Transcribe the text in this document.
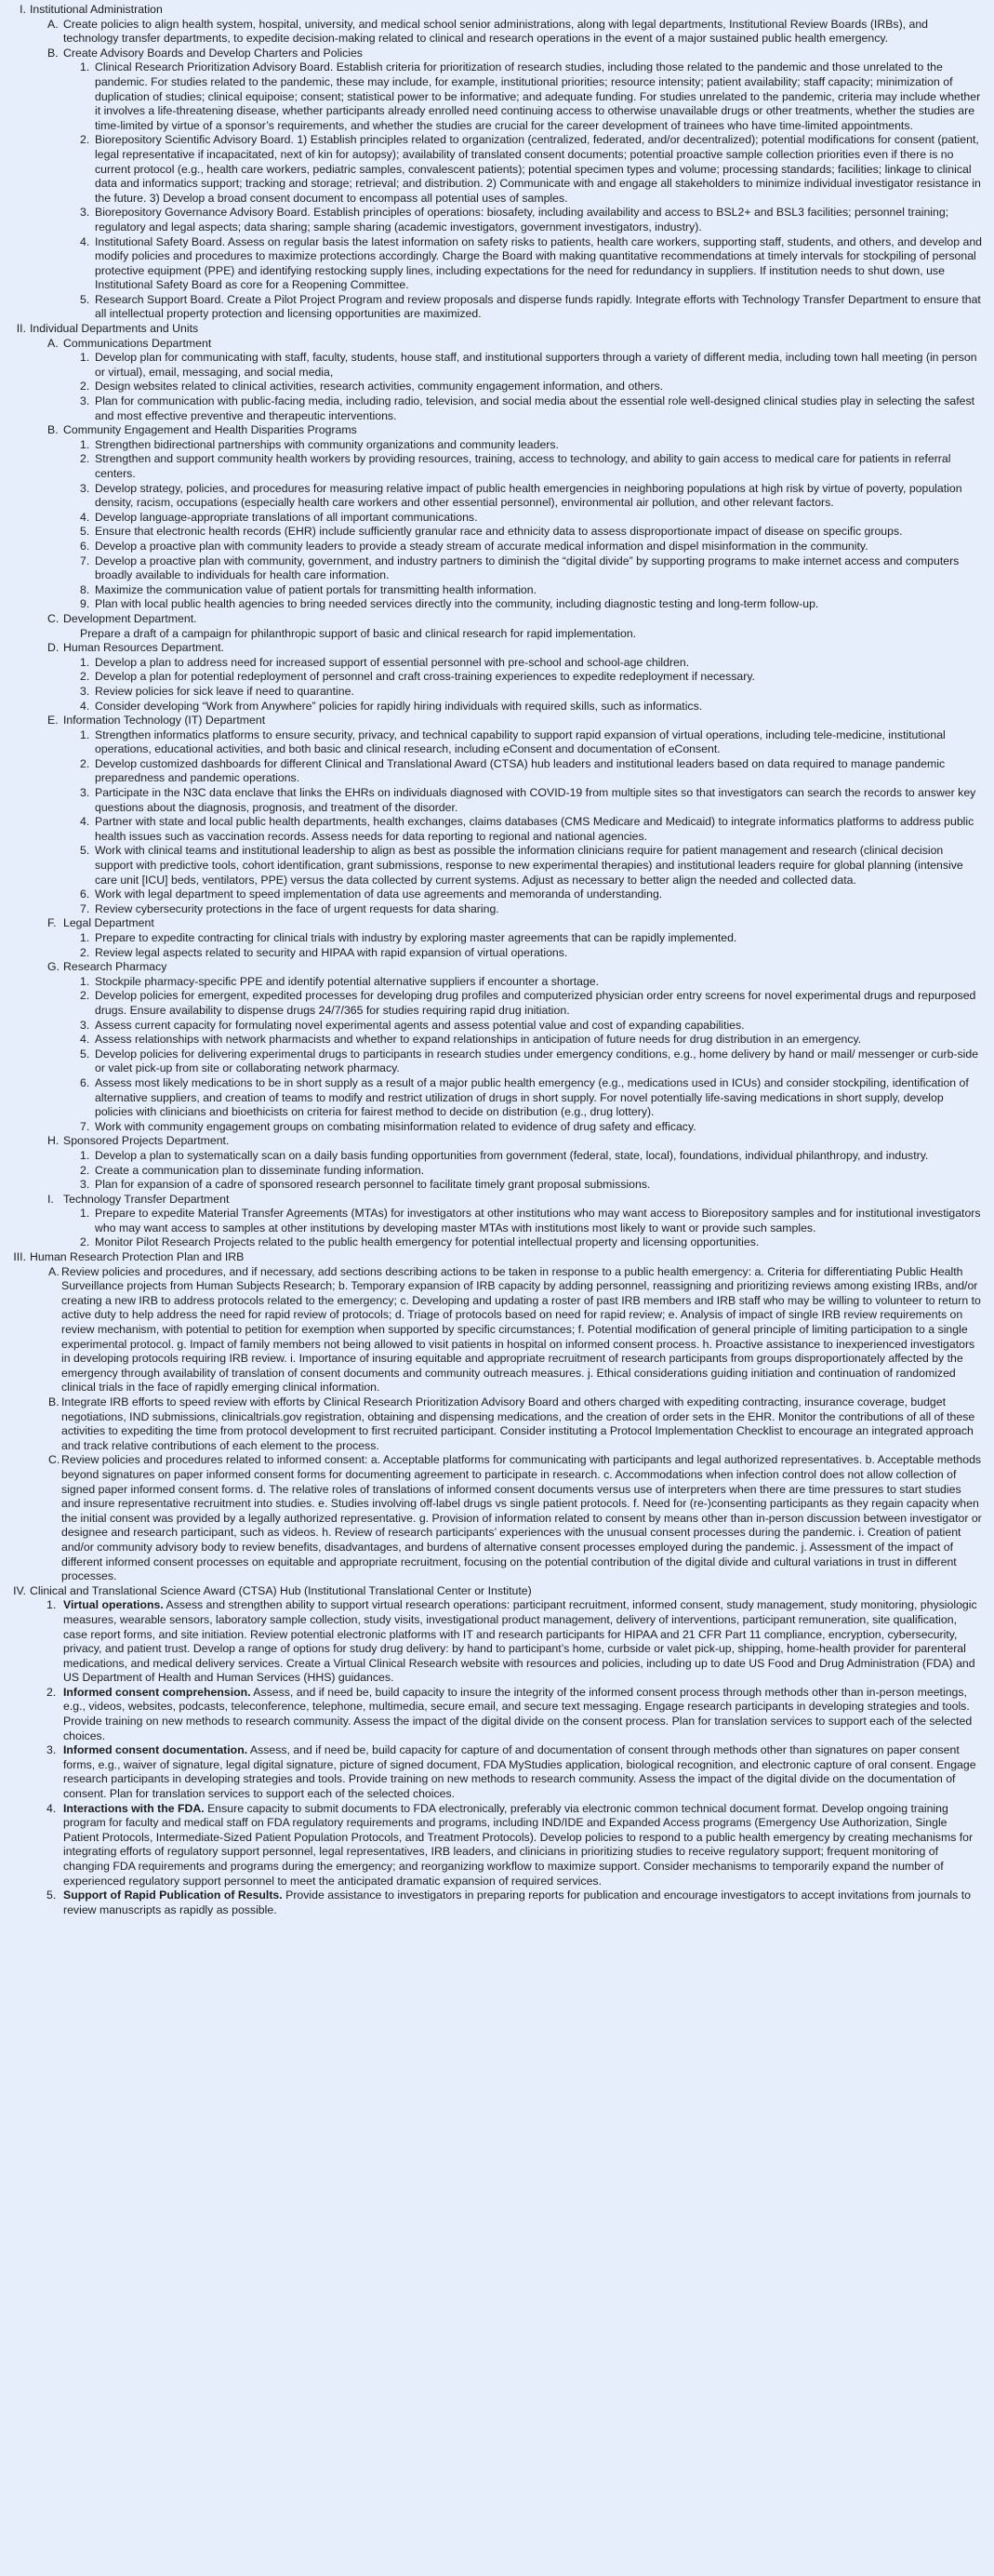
I. Institutional Administration
A. Create policies to align health system, hospital, university, and medical school senior administrations, along with legal departments, Institutional Review Boards (IRBs), and technology transfer departments, to expedite decision-making related to clinical and research operations in the event of a major sustained public health emergency.
B. Create Advisory Boards and Develop Charters and Policies
1. Clinical Research Prioritization Advisory Board. Establish criteria for prioritization of research studies, including those related to the pandemic and those unrelated to the pandemic. For studies related to the pandemic, these may include, for example, institutional priorities; resource intensity; patient availability; staff capacity; minimization of duplication of studies; clinical equipoise; consent; statistical power to be informative; and adequate funding. For studies unrelated to the pandemic, criteria may include whether it involves a life-threatening disease, whether participants already enrolled need continuing access to otherwise unavailable drugs or other treatments, whether the studies are time-limited by virtue of a sponsor’s requirements, and whether the studies are crucial for the career development of trainees who have time-limited appointments.
2. Biorepository Scientific Advisory Board. 1) Establish principles related to organization (centralized, federated, and/or decentralized); potential modifications for consent (patient, legal representative if incapacitated, next of kin for autopsy); availability of translated consent documents; potential proactive sample collection priorities even if there is no current protocol (e.g., health care workers, pediatric samples, convalescent patients); potential specimen types and volume; processing standards; facilities; linkage to clinical data and informatics support; tracking and storage; retrieval; and distribution. 2) Communicate with and engage all stakeholders to minimize individual investigator resistance in the future. 3) Develop a broad consent document to encompass all potential uses of samples.
3. Biorepository Governance Advisory Board. Establish principles of operations: biosafety, including availability and access to BSL2+ and BSL3 facilities; personnel training; regulatory and legal aspects; data sharing; sample sharing (academic investigators, government investigators, industry).
4. Institutional Safety Board. Assess on regular basis the latest information on safety risks to patients, health care workers, supporting staff, students, and others, and develop and modify policies and procedures to maximize protections accordingly. Charge the Board with making quantitative recommendations at timely intervals for stockpiling of personal protective equipment (PPE) and identifying restocking supply lines, including expectations for the need for redundancy in suppliers. If institution needs to shut down, use Institutional Safety Board as core for a Reopening Committee.
5. Research Support Board. Create a Pilot Project Program and review proposals and disperse funds rapidly. Integrate efforts with Technology Transfer Department to ensure that all intellectual property protection and licensing opportunities are maximized.
II. Individual Departments and Units
A. Communications Department
1. Develop plan for communicating with staff, faculty, students, house staff, and institutional supporters through a variety of different media, including town hall meeting (in person or virtual), email, messaging, and social media,
2. Design websites related to clinical activities, research activities, community engagement information, and others.
3. Plan for communication with public-facing media, including radio, television, and social media about the essential role well-designed clinical studies play in selecting the safest and most effective preventive and therapeutic interventions.
B. Community Engagement and Health Disparities Programs
1. Strengthen bidirectional partnerships with community organizations and community leaders.
2. Strengthen and support community health workers by providing resources, training, access to technology, and ability to gain access to medical care for patients in referral centers.
3. Develop strategy, policies, and procedures for measuring relative impact of public health emergencies in neighboring populations at high risk by virtue of poverty, population density, racism, occupations (especially health care workers and other essential personnel), environmental air pollution, and other relevant factors.
4. Develop language-appropriate translations of all important communications.
5. Ensure that electronic health records (EHR) include sufficiently granular race and ethnicity data to assess disproportionate impact of disease on specific groups.
6. Develop a proactive plan with community leaders to provide a steady stream of accurate medical information and dispel misinformation in the community.
7. Develop a proactive plan with community, government, and industry partners to diminish the “digital divide” by supporting programs to make internet access and computers broadly available to individuals for health care information.
8. Maximize the communication value of patient portals for transmitting health information.
9. Plan with local public health agencies to bring needed services directly into the community, including diagnostic testing and long-term follow-up.
C. Development Department.
Prepare a draft of a campaign for philanthropic support of basic and clinical research for rapid implementation.
D. Human Resources Department.
1. Develop a plan to address need for increased support of essential personnel with pre-school and school-age children.
2. Develop a plan for potential redeployment of personnel and craft cross-training experiences to expedite redeployment if necessary.
3. Review policies for sick leave if need to quarantine.
4. Consider developing “Work from Anywhere” policies for rapidly hiring individuals with required skills, such as informatics.
E. Information Technology (IT) Department
1. Strengthen informatics platforms to ensure security, privacy, and technical capability to support rapid expansion of virtual operations, including tele-medicine, institutional operations, educational activities, and both basic and clinical research, including eConsent and documentation of eConsent.
2. Develop customized dashboards for different Clinical and Translational Award (CTSA) hub leaders and institutional leaders based on data required to manage pandemic preparedness and pandemic operations.
3. Participate in the N3C data enclave that links the EHRs on individuals diagnosed with COVID-19 from multiple sites so that investigators can search the records to answer key questions about the diagnosis, prognosis, and treatment of the disorder.
4. Partner with state and local public health departments, health exchanges, claims databases (CMS Medicare and Medicaid) to integrate informatics platforms to address public health issues such as vaccination records. Assess needs for data reporting to regional and national agencies.
5. Work with clinical teams and institutional leadership to align as best as possible the information clinicians require for patient management and research (clinical decision support with predictive tools, cohort identification, grant submissions, response to new experimental therapies) and institutional leaders require for global planning (intensive care unit [ICU] beds, ventilators, PPE) versus the data collected by current systems. Adjust as necessary to better align the needed and collected data.
6. Work with legal department to speed implementation of data use agreements and memoranda of understanding.
7. Review cybersecurity protections in the face of urgent requests for data sharing.
F. Legal Department
1. Prepare to expedite contracting for clinical trials with industry by exploring master agreements that can be rapidly implemented.
2. Review legal aspects related to security and HIPAA with rapid expansion of virtual operations.
G. Research Pharmacy
1. Stockpile pharmacy-specific PPE and identify potential alternative suppliers if encounter a shortage.
2. Develop policies for emergent, expedited processes for developing drug profiles and computerized physician order entry screens for novel experimental drugs and repurposed drugs. Ensure availability to dispense drugs 24/7/365 for studies requiring rapid drug initiation.
3. Assess current capacity for formulating novel experimental agents and assess potential value and cost of expanding capabilities.
4. Assess relationships with network pharmacists and whether to expand relationships in anticipation of future needs for drug distribution in an emergency.
5. Develop policies for delivering experimental drugs to participants in research studies under emergency conditions, e.g., home delivery by hand or mail/ messenger or curb-side or valet pick-up from site or collaborating network pharmacy.
6. Assess most likely medications to be in short supply as a result of a major public health emergency (e.g., medications used in ICUs) and consider stockpiling, identification of alternative suppliers, and creation of teams to modify and restrict utilization of drugs in short supply. For novel potentially life-saving medications in short supply, develop policies with clinicians and bioethicists on criteria for fairest method to decide on distribution (e.g., drug lottery).
7. Work with community engagement groups on combating misinformation related to evidence of drug safety and efficacy.
H. Sponsored Projects Department.
1. Develop a plan to systematically scan on a daily basis funding opportunities from government (federal, state, local), foundations, individual philanthropy, and industry.
2. Create a communication plan to disseminate funding information.
3. Plan for expansion of a cadre of sponsored research personnel to facilitate timely grant proposal submissions.
I. Technology Transfer Department
1. Prepare to expedite Material Transfer Agreements (MTAs) for investigators at other institutions who may want access to Biorepository samples and for institutional investigators who may want access to samples at other institutions by developing master MTAs with institutions most likely to want or provide such samples.
2. Monitor Pilot Research Projects related to the public health emergency for potential intellectual property and licensing opportunities.
III. Human Research Protection Plan and IRB
A. Review policies and procedures, and if necessary, add sections describing actions to be taken in response to a public health emergency: a. Criteria for differentiating Public Health Surveillance projects from Human Subjects Research; b. Temporary expansion of IRB capacity by adding personnel, reassigning and prioritizing reviews among existing IRBs, and/or creating a new IRB to address protocols related to the emergency; c. Developing and updating a roster of past IRB members and IRB staff who may be willing to volunteer to return to active duty to help address the need for rapid review of protocols; d. Triage of protocols based on need for rapid review; e. Analysis of impact of single IRB review requirements on review mechanism, with potential to petition for exemption when supported by specific circumstances; f. Potential modification of general principle of limiting participation to a single experimental protocol. g. Impact of family members not being allowed to visit patients in hospital on informed consent process. h. Proactive assistance to inexperienced investigators in developing protocols requiring IRB review. i. Importance of insuring equitable and appropriate recruitment of research participants from groups disproportionately affected by the emergency through availability of translation of consent documents and community outreach measures. j. Ethical considerations guiding initiation and continuation of randomized clinical trials in the face of rapidly emerging clinical information.
B. Integrate IRB efforts to speed review with efforts by Clinical Research Prioritization Advisory Board and others charged with expediting contracting, insurance coverage, budget negotiations, IND submissions, clinicaltrials.gov registration, obtaining and dispensing medications, and the creation of order sets in the EHR. Monitor the contributions of all of these activities to expediting the time from protocol development to first recruited participant. Consider instituting a Protocol Implementation Checklist to encourage an integrated approach and track relative contributions of each element to the process.
C. Review policies and procedures related to informed consent: a. Acceptable platforms for communicating with participants and legal authorized representatives. b. Acceptable methods beyond signatures on paper informed consent forms for documenting agreement to participate in research. c. Accommodations when infection control does not allow collection of signed paper informed consent forms. d. The relative roles of translations of informed consent documents versus use of interpreters when there are time pressures to start studies and insure representative recruitment into studies. e. Studies involving off-label drugs vs single patient protocols. f. Need for (re-)consenting participants as they regain capacity when the initial consent was provided by a legally authorized representative. g. Provision of information related to consent by means other than in-person discussion between investigator or designee and research participant, such as videos. h. Review of research participants’ experiences with the unusual consent processes during the pandemic. i. Creation of patient and/or community advisory body to review benefits, disadvantages, and burdens of alternative consent processes employed during the pandemic. j. Assessment of the impact of different informed consent processes on equitable and appropriate recruitment, focusing on the potential contribution of the digital divide and cultural variations in trust in different processes.
IV. Clinical and Translational Science Award (CTSA) Hub (Institutional Translational Center or Institute)
1. Virtual operations. Assess and strengthen ability to support virtual research operations: participant recruitment, informed consent, study management, study monitoring, physiologic measures, wearable sensors, laboratory sample collection, study visits, investigational product management, delivery of interventions, participant remuneration, site qualification, case report forms, and site initiation. Review potential electronic platforms with IT and research participants for HIPAA and 21 CFR Part 11 compliance, encryption, cybersecurity, privacy, and patient trust. Develop a range of options for study drug delivery: by hand to participant’s home, curbside or valet pick-up, shipping, home-health provider for parenteral medications, and medical delivery services. Create a Virtual Clinical Research website with resources and policies, including up to date US Food and Drug Administration (FDA) and US Department of Health and Human Services (HHS) guidances.
2. Informed consent comprehension. Assess, and if need be, build capacity to insure the integrity of the informed consent process through methods other than in-person meetings, e.g., videos, websites, podcasts, teleconference, telephone, multimedia, secure email, and secure text messaging. Engage research participants in developing strategies and tools. Provide training on new methods to research community. Assess the impact of the digital divide on the consent process. Plan for translation services to support each of the selected choices.
3. Informed consent documentation. Assess, and if need be, build capacity for capture of and documentation of consent through methods other than signatures on paper consent forms, e.g., waiver of signature, legal digital signature, picture of signed document, FDA MyStudies application, biological recognition, and electronic capture of oral consent. Engage research participants in developing strategies and tools. Provide training on new methods to research community. Assess the impact of the digital divide on the documentation of consent. Plan for translation services to support each of the selected choices.
4. Interactions with the FDA. Ensure capacity to submit documents to FDA electronically, preferably via electronic common technical document format. Develop ongoing training program for faculty and medical staff on FDA regulatory requirements and programs, including IND/IDE and Expanded Access programs (Emergency Use Authorization, Single Patient Protocols, Intermediate-Sized Patient Population Protocols, and Treatment Protocols). Develop policies to respond to a public health emergency by creating mechanisms for integrating efforts of regulatory support personnel, legal representatives, IRB leaders, and clinicians in prioritizing studies to receive regulatory support; frequent monitoring of changing FDA requirements and programs during the emergency; and reorganizing workflow to maximize support. Consider mechanisms to temporarily expand the number of experienced regulatory support personnel to meet the anticipated dramatic expansion of required services.
5. Support of Rapid Publication of Results. Provide assistance to investigators in preparing reports for publication and encourage investigators to accept invitations from journals to review manuscripts as rapidly as possible.
